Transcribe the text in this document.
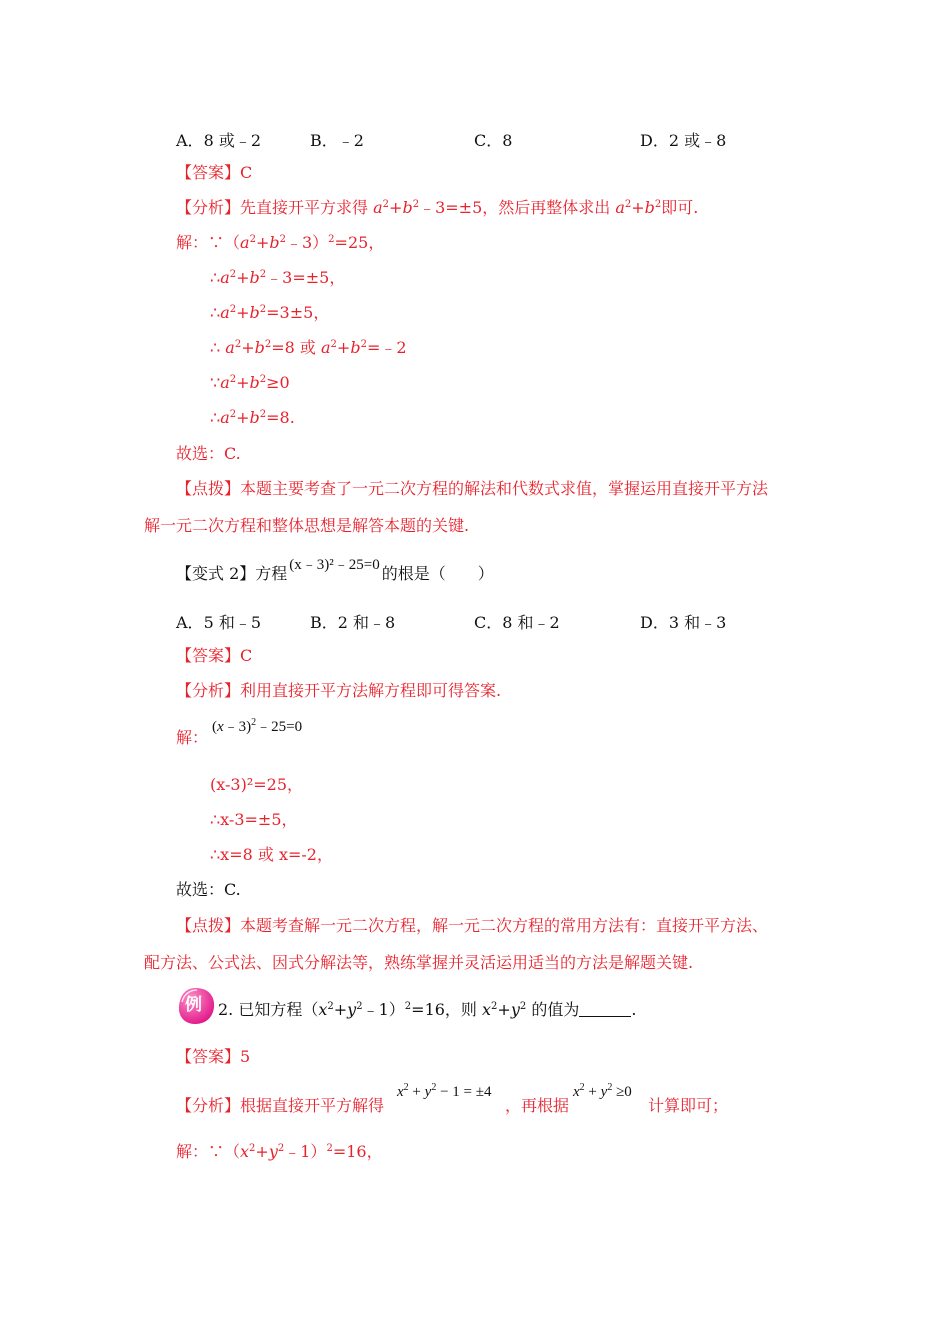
A．8 或﹣2	B．﹣2	C．8	D．2 或﹣8
【答案】C
【分析】先直接开平方求得 $a^2+b^2﹣3=\pm 5$，然后再整体求出 $a^2+b^2$即可.
解：$\because(a^2+b^2﹣3)^2=25$，
$\therefore a^2+b^2﹣3=\pm 5$，
$\therefore a^2+b^2=3\pm 5$，
∴ $a^2+b^2=8$ 或 $a^2+b^2=﹣2$
$\because a^2+b^2\ge 0$
$\therefore a^2+b^2=8$.
故选：C.
【点拨】本题主要考查了一元二次方程的解法和代数式求值，掌握运用直接开平方法
解一元二次方程和整体思想是解答本题的关键.
【变式 2】方程 (x﹣3)²﹣25=0 的根是（　　）
A．5 和﹣5	B．2 和﹣8	C．8 和﹣2	D．3 和﹣3
【答案】C
【分析】利用直接开平方法解方程即可得答案.
解：
(x﹣3)$^2$﹣25=0
(x-3)²=25，
∴x-3=±5，
∴x=8 或 x=-2，
故选：C.
【点拨】本题考查解一元二次方程，解一元二次方程的常用方法有：直接开平方法、
配方法、公式法、因式分解法等，熟练掌握并灵活运用适当的方法是解题关键.
例 2. 已知方程$(x^2+y^2﹣1)^2=16$，则 $x^2+y^2$ 的值为	.
【答案】5
【分析】根据直接开平方解得
$x^2 + y^2 - 1 = \pm 4$
，再根据
$x^2 + y^2 \ge 0$
计算即可；
解：$\because(x^2+y^2﹣1)^2=16$，
